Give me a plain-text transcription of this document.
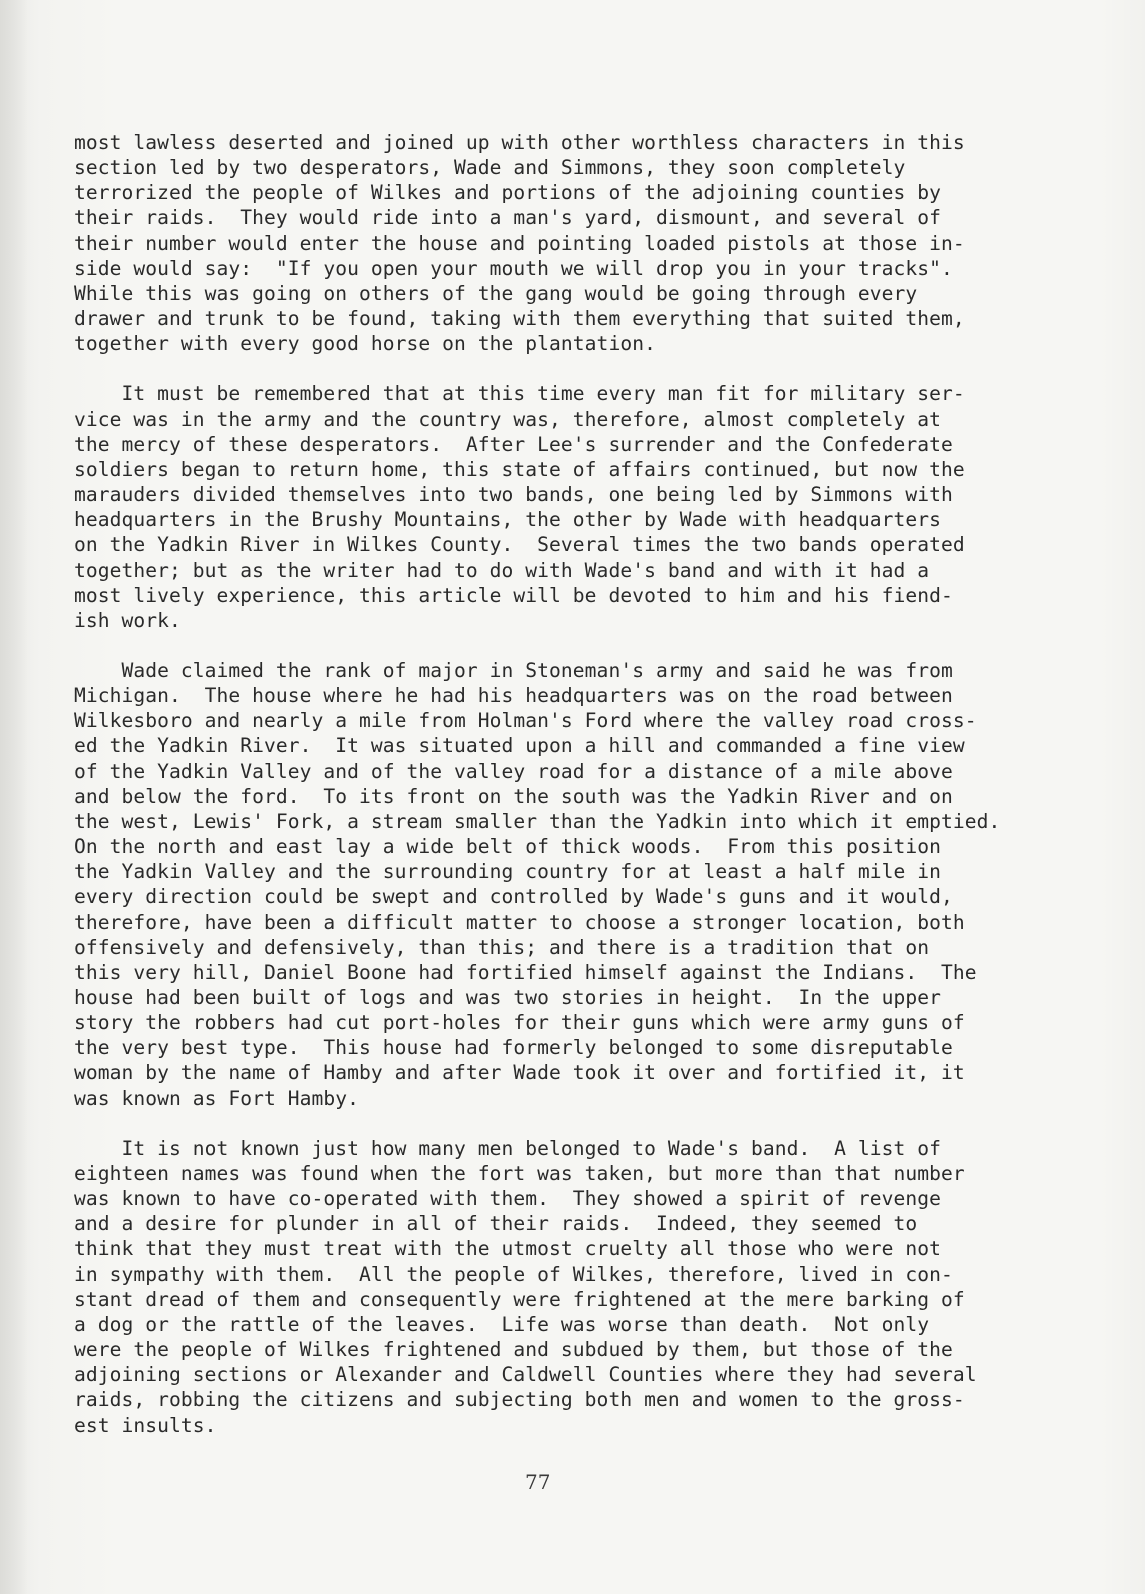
most lawless deserted and joined up with other worthless characters in this
section led by two desperators, Wade and Simmons, they soon completely
terrorized the people of Wilkes and portions of the adjoining counties by
their raids.  They would ride into a man's yard, dismount, and several of
their number would enter the house and pointing loaded pistols at those in-
side would say:  "If you open your mouth we will drop you in your tracks".
While this was going on others of the gang would be going through every
drawer and trunk to be found, taking with them everything that suited them,
together with every good horse on the plantation.
It must be remembered that at this time every man fit for military ser-
vice was in the army and the country was, therefore, almost completely at
the mercy of these desperators.  After Lee's surrender and the Confederate
soldiers began to return home, this state of affairs continued, but now the
marauders divided themselves into two bands, one being led by Simmons with
headquarters in the Brushy Mountains, the other by Wade with headquarters
on the Yadkin River in Wilkes County.  Several times the two bands operated
together; but as the writer had to do with Wade's band and with it had a
most lively experience, this article will be devoted to him and his fiend-
ish work.
Wade claimed the rank of major in Stoneman's army and said he was from
Michigan.  The house where he had his headquarters was on the road between
Wilkesboro and nearly a mile from Holman's Ford where the valley road cross-
ed the Yadkin River.  It was situated upon a hill and commanded a fine view
of the Yadkin Valley and of the valley road for a distance of a mile above
and below the ford.  To its front on the south was the Yadkin River and on
the west, Lewis' Fork, a stream smaller than the Yadkin into which it emptied.
On the north and east lay a wide belt of thick woods.  From this position
the Yadkin Valley and the surrounding country for at least a half mile in
every direction could be swept and controlled by Wade's guns and it would,
therefore, have been a difficult matter to choose a stronger location, both
offensively and defensively, than this; and there is a tradition that on
this very hill, Daniel Boone had fortified himself against the Indians.  The
house had been built of logs and was two stories in height.  In the upper
story the robbers had cut port-holes for their guns which were army guns of
the very best type.  This house had formerly belonged to some disreputable
woman by the name of Hamby and after Wade took it over and fortified it, it
was known as Fort Hamby.
It is not known just how many men belonged to Wade's band.  A list of
eighteen names was found when the fort was taken, but more than that number
was known to have co-operated with them.  They showed a spirit of revenge
and a desire for plunder in all of their raids.  Indeed, they seemed to
think that they must treat with the utmost cruelty all those who were not
in sympathy with them.  All the people of Wilkes, therefore, lived in con-
stant dread of them and consequently were frightened at the mere barking of
a dog or the rattle of the leaves.  Life was worse than death.  Not only
were the people of Wilkes frightened and subdued by them, but those of the
adjoining sections or Alexander and Caldwell Counties where they had several
raids, robbing the citizens and subjecting both men and women to the gross-
est insults.
77
